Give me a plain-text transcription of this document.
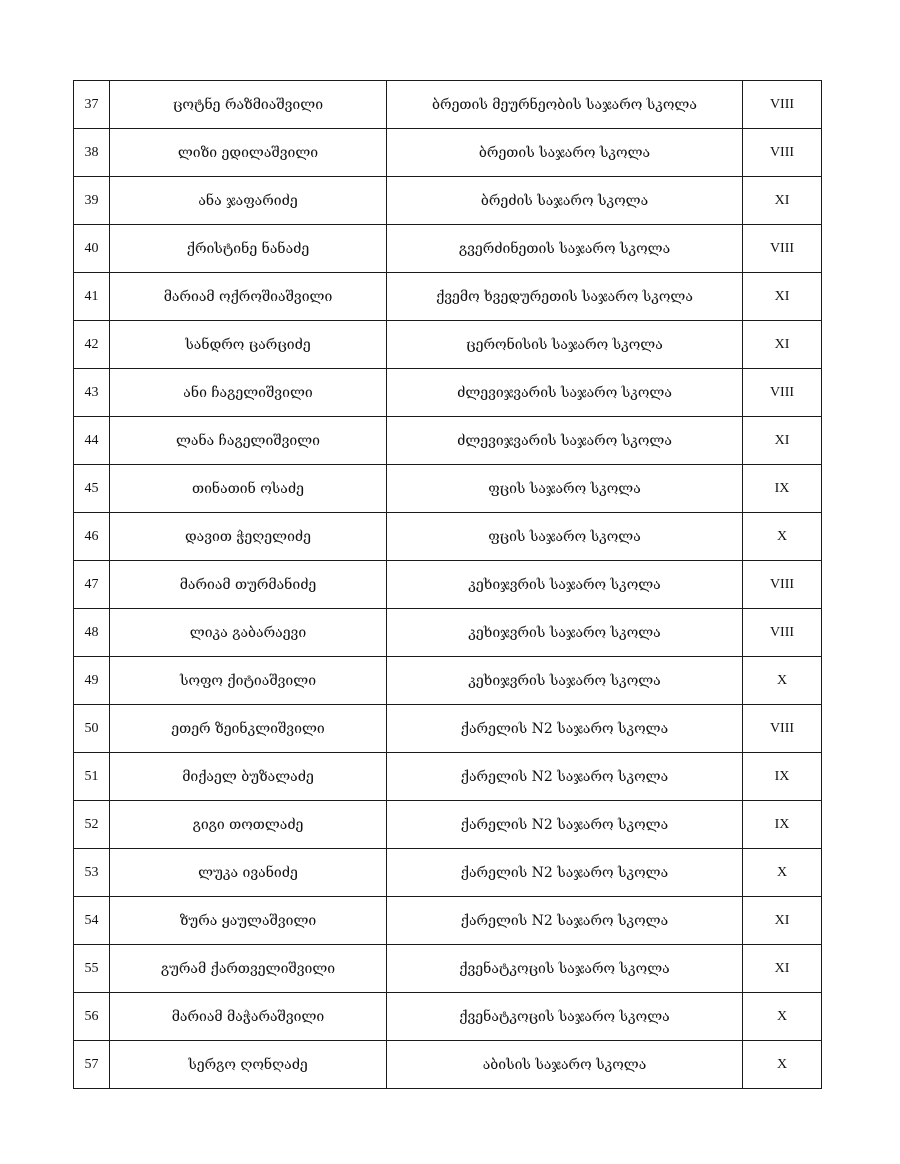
37	ცოტნე რაზმიაშვილი	ბრეთის მეურნეობის საჯარო სკოლა	VIII
38	ლიზი ედილაშვილი	ბრეთის საჯარო სკოლა	VIII
39	ანა ჯაფარიძე	ბრეძის საჯარო სკოლა	XI
40	ქრისტინე ნანაძე	გვერძინეთის საჯარო სკოლა	VIII
41	მარიამ ოქროშიაშვილი	ქვემო ხვედურეთის საჯარო სკოლა	XI
42	სანდრო ცარციძე	ცერონისის საჯარო სკოლა	XI
43	ანი ჩაგელიშვილი	ძლევიჯვარის საჯარო სკოლა	VIII
44	ლანა ჩაგელიშვილი	ძლევიჯვარის საჯარო სკოლა	XI
45	თინათინ ოსაძე	ფცის საჯარო სკოლა	IX
46	დავით ჭეღელიძე	ფცის საჯარო სკოლა	X
47	მარიამ თურმანიძე	კეხიჯვრის საჯარო სკოლა	VIII
48	ლიკა გაბარაევი	კეხიჯვრის საჯარო სკოლა	VIII
49	სოფო ქიტიაშვილი	კეხიჯვრის საჯარო სკოლა	X
50	ეთერ ზეინკლიშვილი	ქარელის N2 საჯარო სკოლა	VIII
51	მიქაელ ბუზალაძე	ქარელის N2 საჯარო სკოლა	IX
52	გიგი თოთლაძე	ქარელის N2 საჯარო სკოლა	IX
53	ლუკა ივანიძე	ქარელის N2 საჯარო სკოლა	X
54	ზურა ყაულაშვილი	ქარელის N2 საჯარო სკოლა	XI
55	გურამ ქართველიშვილი	ქვენატკოცის საჯარო სკოლა	XI
56	მარიამ მაჭარაშვილი	ქვენატკოცის საჯარო სკოლა	X
57	სერგო ღონღაძე	აბისის საჯარო სკოლა	X
